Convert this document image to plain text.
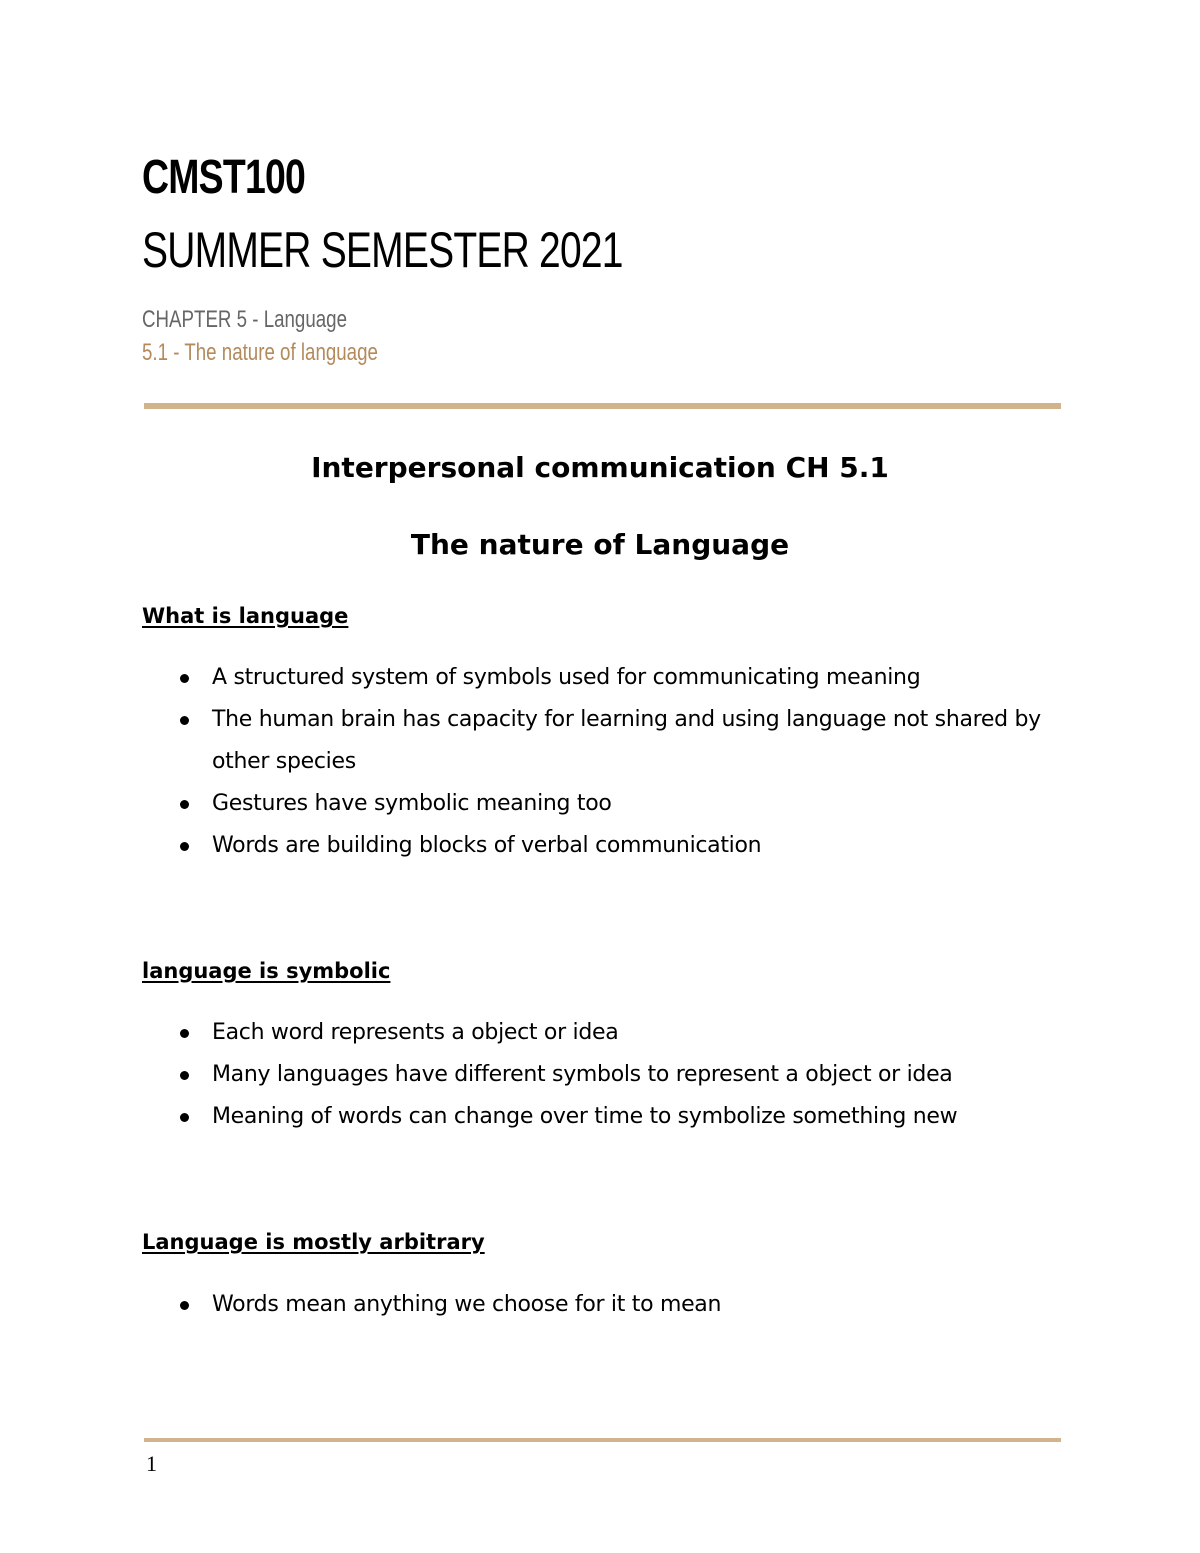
CMST100
SUMMER SEMESTER 2021
CHAPTER 5 - Language
5.1 - The nature of language
Interpersonal communication CH 5.1
The nature of Language
What is language
A structured system of symbols used for communicating meaning
The human brain has capacity for learning and using language not shared by other species
Gestures have symbolic meaning too
Words are building blocks of verbal communication
language is symbolic
Each word represents a object or idea
Many languages have different symbols to represent a object or idea
Meaning of words can change over time to symbolize something new
Language is mostly arbitrary
Words mean anything we choose for it to mean
1
